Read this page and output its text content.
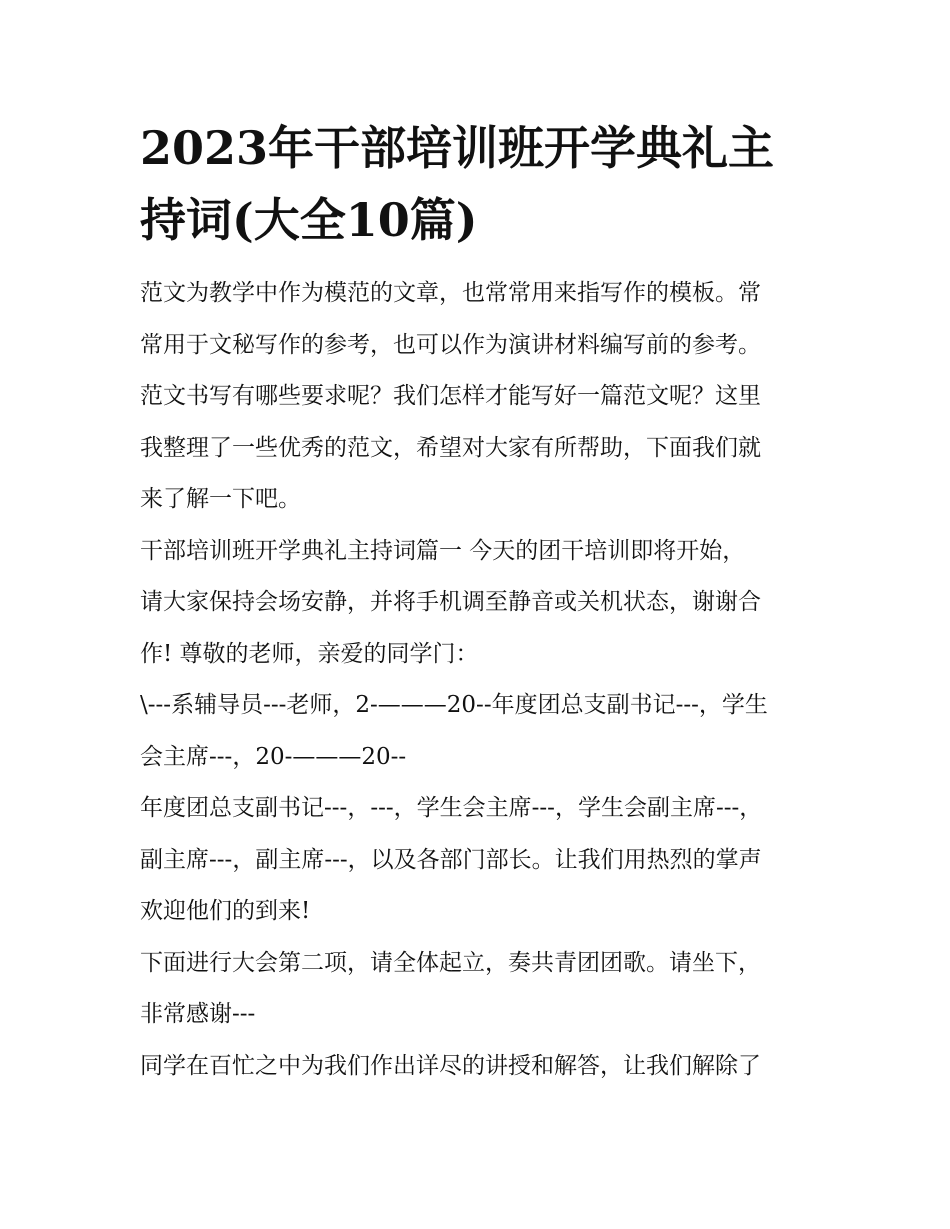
2023年干部培训班开学典礼主
持词(大全10篇)

范文为教学中作为模范的文章，也常常用来指写作的模板。常
常用于文秘写作的参考，也可以作为演讲材料编写前的参考。
范文书写有哪些要求呢？我们怎样才能写好一篇范文呢？这里
我整理了一些优秀的范文，希望对大家有所帮助，下面我们就
来了解一下吧。

干部培训班开学典礼主持词篇一 今天的团干培训即将开始，
请大家保持会场安静，并将手机调至静音或关机状态，谢谢合
作! 尊敬的老师，亲爱的同学门：

\---系辅导员---老师，2-———20--年度团总支副书记---，学生
会主席---，20-———20--

年度团总支副书记---，---，学生会主席---，学生会副主席---，
副主席---，副主席---，以及各部门部长。让我们用热烈的掌声
欢迎他们的到来!

下面进行大会第二项，请全体起立，奏共青团团歌。请坐下，
非常感谢---

同学在百忙之中为我们作出详尽的讲授和解答，让我们解除了
